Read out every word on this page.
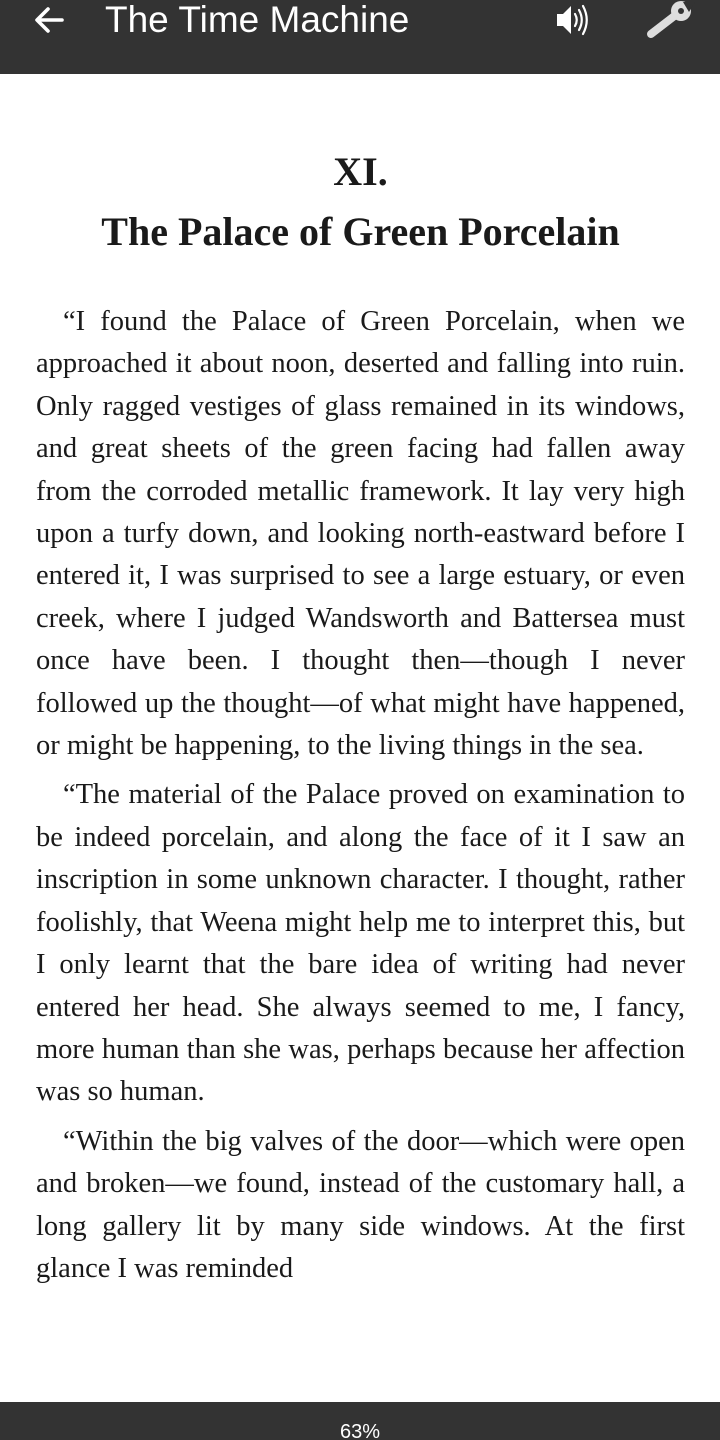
The Time Machine
XI.
The Palace of Green Porcelain

“I found the Palace of Green Porcelain, when we approached it about noon, deserted and falling into ruin. Only ragged vestiges of glass remained in its windows, and great sheets of the green facing had fallen away from the corroded metallic framework. It lay very high upon a turfy down, and looking north-eastward before I entered it, I was surprised to see a large estuary, or even creek, where I judged Wandsworth and Battersea must once have been. I thought then—though I never followed up the thought—of what might have happened, or might be happening, to the living things in the sea.

“The material of the Palace proved on examination to be indeed porcelain, and along the face of it I saw an inscription in some unknown character. I thought, rather foolishly, that Weena might help me to interpret this, but I only learnt that the bare idea of writing had never entered her head. She always seemed to me, I fancy, more human than she was, perhaps because her affection was so human.

“Within the big valves of the door—which were open and broken—we found, instead of the customary hall, a long gallery lit by many side windows. At the first glance I was reminded

63%
